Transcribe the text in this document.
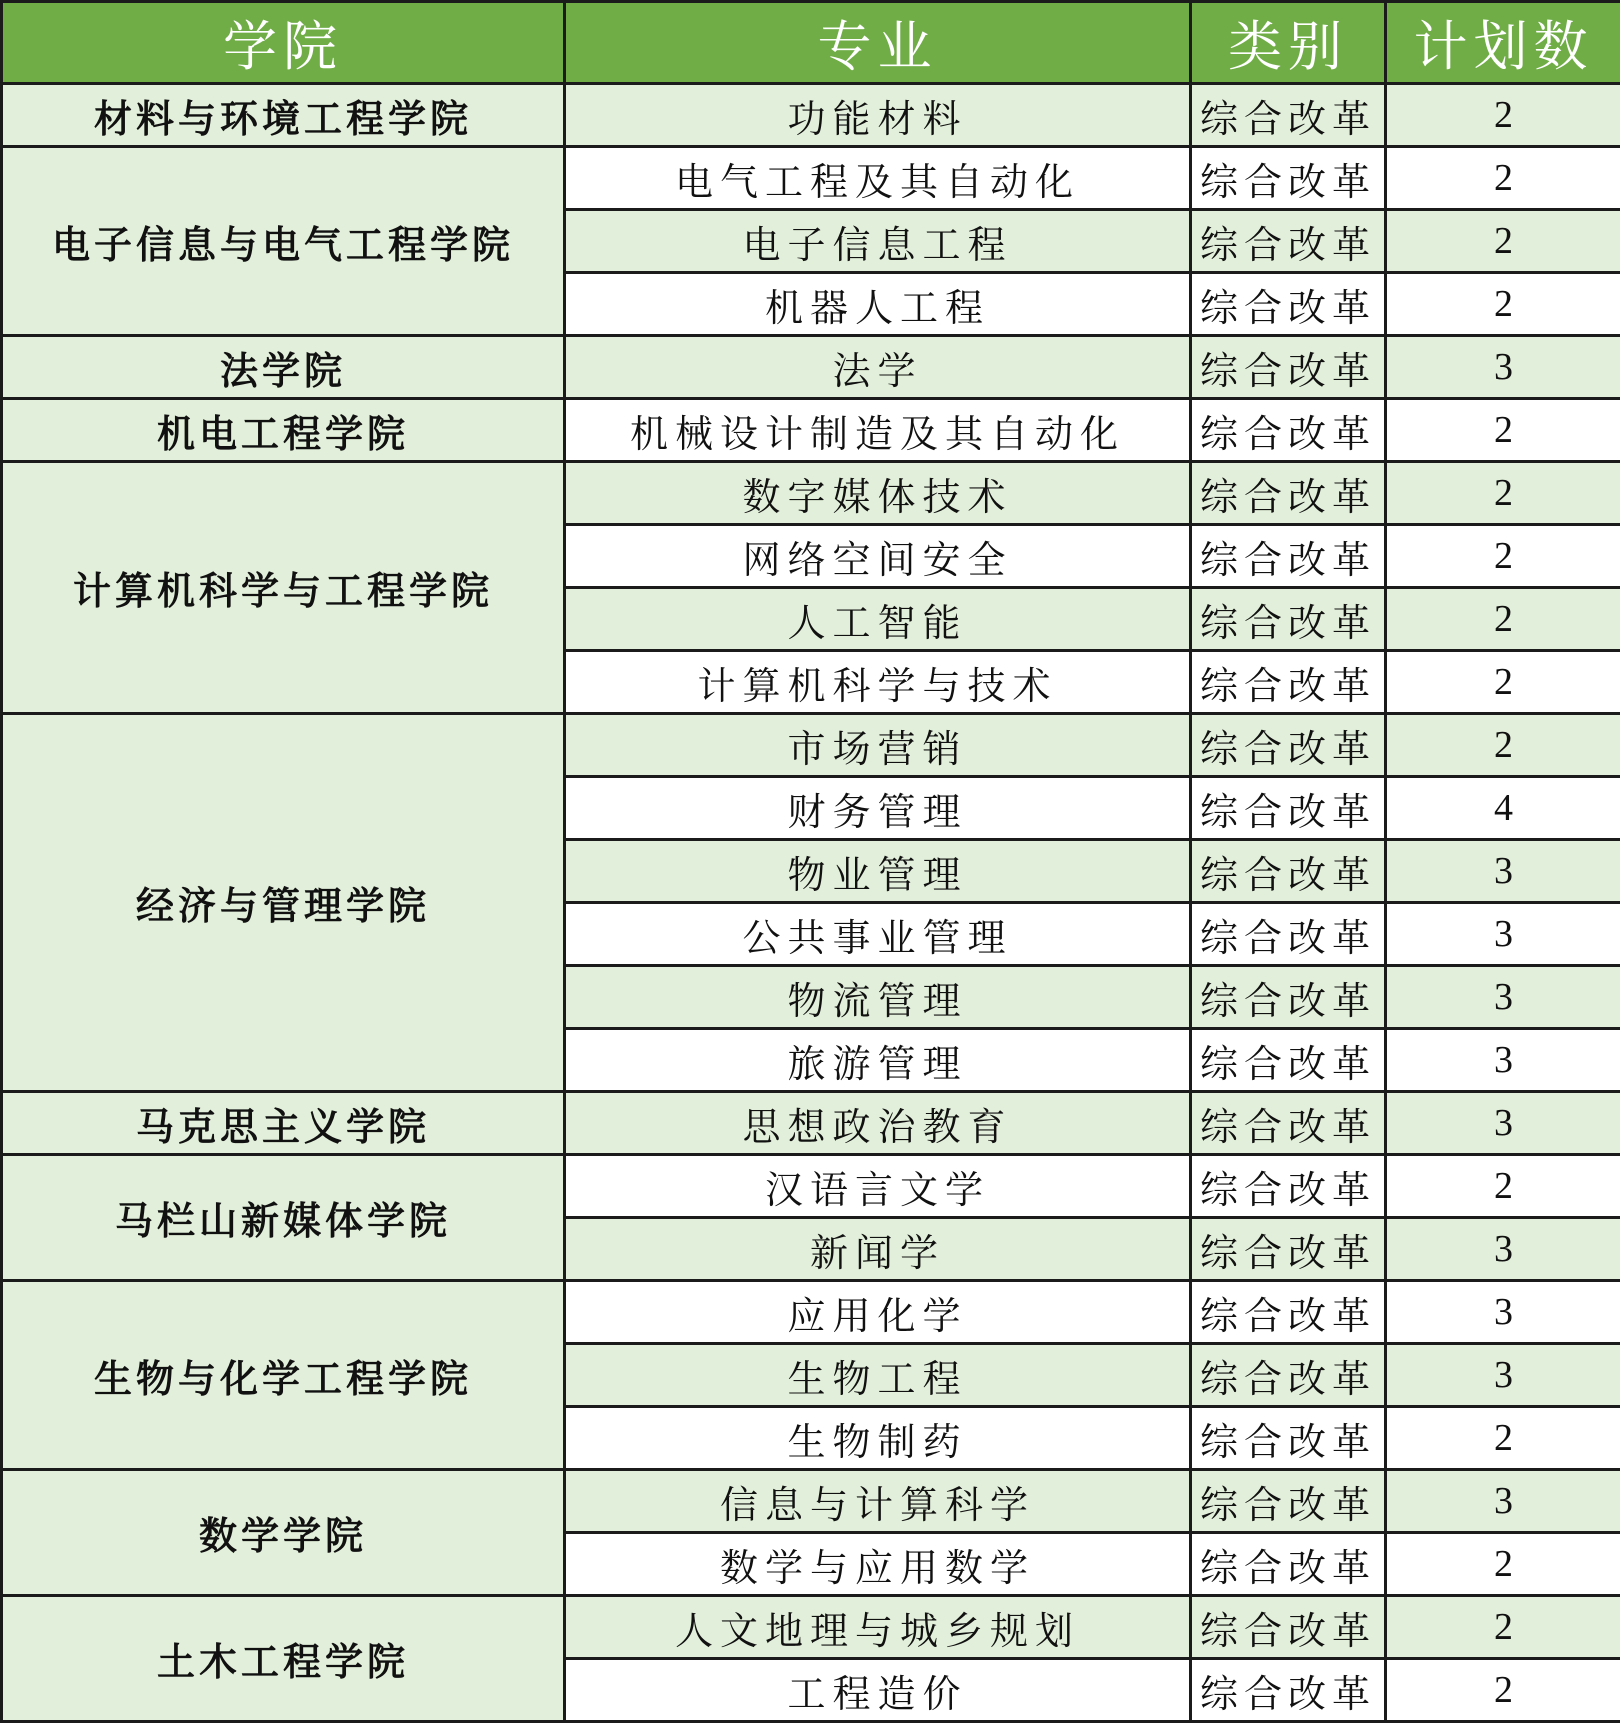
学院	专业	类别	计划数
材料与环境工程学院	功能材料	综合改革	2
电子信息与电气工程学院	电气工程及其自动化	综合改革	2
	电子信息工程	综合改革	2
	机器人工程	综合改革	2
法学院	法学	综合改革	3
机电工程学院	机械设计制造及其自动化	综合改革	2
计算机科学与工程学院	数字媒体技术	综合改革	2
	网络空间安全	综合改革	2
	人工智能	综合改革	2
	计算机科学与技术	综合改革	2
经济与管理学院	市场营销	综合改革	2
	财务管理	综合改革	4
	物业管理	综合改革	3
	公共事业管理	综合改革	3
	物流管理	综合改革	3
	旅游管理	综合改革	3
马克思主义学院	思想政治教育	综合改革	3
马栏山新媒体学院	汉语言文学	综合改革	2
	新闻学	综合改革	3
生物与化学工程学院	应用化学	综合改革	3
	生物工程	综合改革	3
	生物制药	综合改革	2
数学学院	信息与计算科学	综合改革	3
	数学与应用数学	综合改革	2
土木工程学院	人文地理与城乡规划	综合改革	2
	工程造价	综合改革	2
